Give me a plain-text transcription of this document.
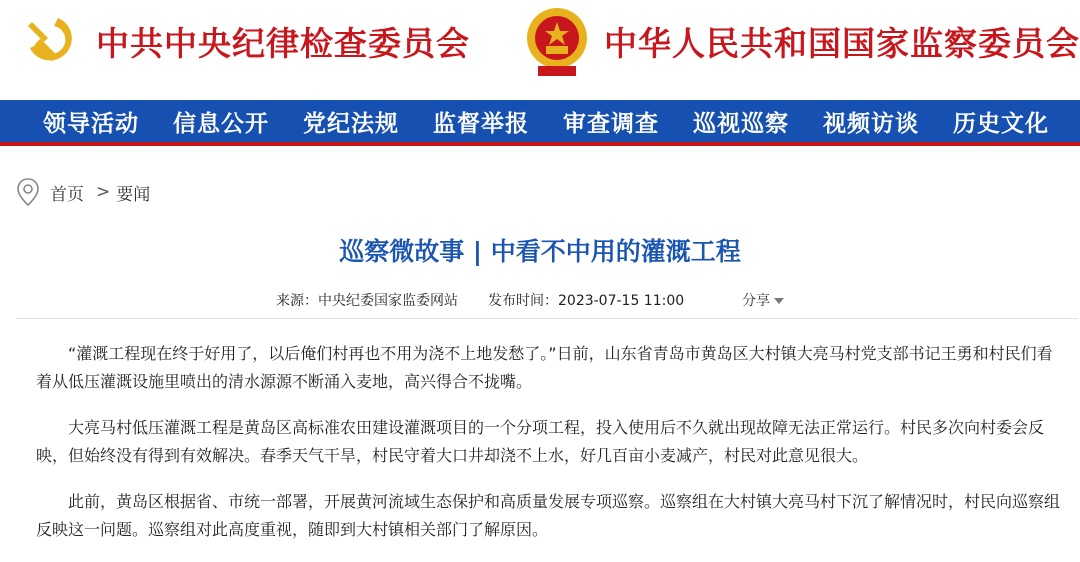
中共中央纪律检查委员会	中华人民共和国国家监察委员会
领导活动	信息公开	党纪法规	监督举报	审查调查	巡视巡察	视频访谈	历史文化
首页 > 要闻
巡察微故事 | 中看不中用的灌溉工程
来源：中央纪委国家监委网站 发布时间：2023-07-15 11:00	分享

“灌溉工程现在终于好用了，以后俺们村再也不用为浇不上地发愁了。”日前，山东省青岛市黄岛区大村镇大亮马村党支部书记王勇和村民们看着从低压灌溉设施里喷出的清水源源不断涌入麦地，高兴得合不拢嘴。

大亮马村低压灌溉工程是黄岛区高标准农田建设灌溉项目的一个分项工程，投入使用后不久就出现故障无法正常运行。村民多次向村委会反映，但始终没有得到有效解决。春季天气干旱，村民守着大口井却浇不上水，好几百亩小麦减产，村民对此意见很大。

此前，黄岛区根据省、市统一部署，开展黄河流域生态保护和高质量发展专项巡察。巡察组在大村镇大亮马村下沉了解情况时，村民向巡察组反映这一问题。巡察组对此高度重视，随即到大村镇相关部门了解原因。
